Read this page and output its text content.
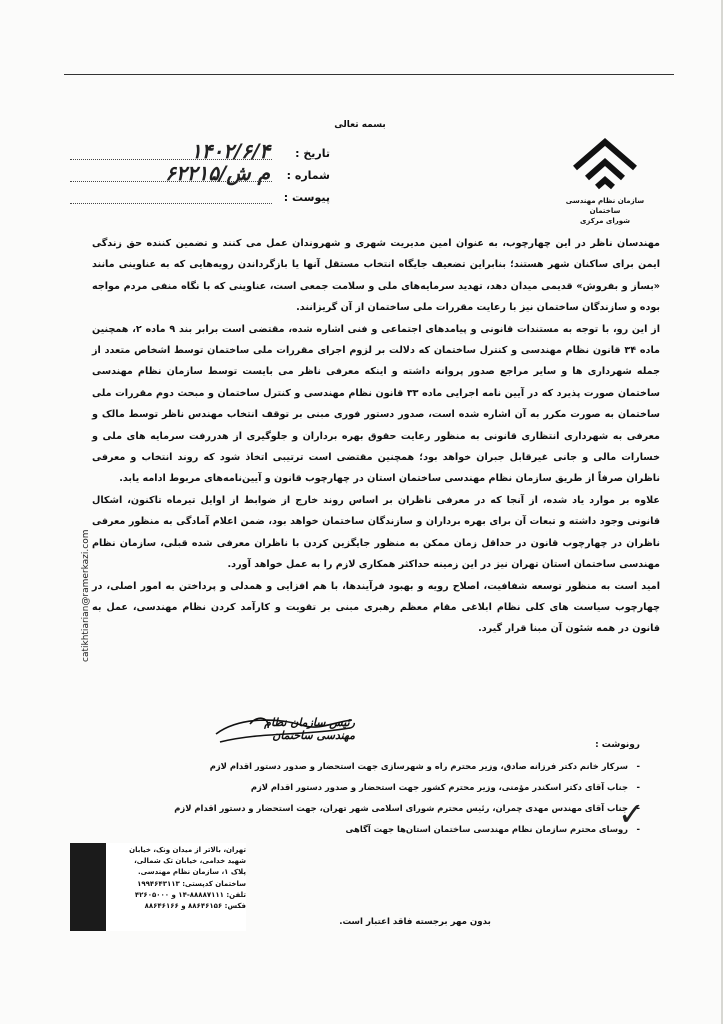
بسمه تعالی
سازمان نظام مهندسی ساختمان
شورای مرکزی
تاریخ :
۱۴۰۲/۶/۴
شماره :
۶۲۲۱۵/ش م
پیوست :

مهندسان ناظر در این چهارچوب، به عنوان امین مدیریت شهری و شهروندان عمل می کنند و تضمین کننده حق زندگی ایمن برای ساکنان شهر هستند؛ بنابراین تضعیف جایگاه انتخاب مستقل آنها یا بازگرداندن رویه‌هایی که به عناوینی مانند «بساز و بفروش» قدیمی میدان دهد، تهدید سرمایه‌های ملی و سلامت جمعی است، عناوینی که با نگاه منفی مردم مواجه بوده و سازندگان ساختمان نیز با رعایت مقررات ملی ساختمان از آن گریزانند.

از این رو، با توجه به مستندات قانونی و پیامدهای اجتماعی و فنی اشاره شده، مقتضی است برابر بند ۹ ماده ۲، همچنین ماده ۳۴ قانون نظام مهندسی و کنترل ساختمان که دلالت بر لزوم اجرای مقررات ملی ساختمان توسط اشخاص متعدد از جمله شهرداری ها و سایر مراجع صدور پروانه داشته و اینکه معرفی ناظر می بایست توسط سازمان نظام مهندسی ساختمان صورت پذیرد که در آیین نامه اجرایی ماده ۳۳ قانون نظام مهندسی و کنترل ساختمان و مبحث دوم مقررات ملی ساختمان به صورت مکرر به آن اشاره شده است، صدور دستور فوری مبنی بر توقف انتخاب مهندس ناظر توسط مالک و معرفی به شهرداری انتظاری قانونی به منظور رعایت حقوق بهره برداران و جلوگیری از هدررفت سرمایه های ملی و خسارات مالی و جانی غیرقابل جبران خواهد بود؛ همچنین مقتضی است ترتیبی اتخاذ شود که روند انتخاب و معرفی ناظران صرفاً از طریق سازمان نظام مهندسی ساختمان استان در چهارچوب قانون و آیین‌نامه‌های مربوط ادامه یابد.

علاوه بر موارد یاد شده، از آنجا که در معرفی ناظران بر اساس روند خارج از ضوابط از اوایل تیرماه تاکنون، اشکال قانونی وجود داشته و تبعات آن برای بهره برداران و سازندگان ساختمان خواهد بود، ضمن اعلام آمادگی به منظور معرفی ناظران در چهارچوب قانون در حداقل زمان ممکن به منظور جایگزین کردن با ناظران معرفی شده قبلی، سازمان نظام مهندسی ساختمان استان تهران نیز در این زمینه حداکثر همکاری لازم را به عمل خواهد آورد.

امید است به منظور توسعه شفافیت، اصلاح رویه و بهبود فرآیندها، با هم افزایی و همدلی و پرداختن به امور اصلی، در چهارچوب سیاست های کلی نظام ابلاغی مقام معظم رهبری مبنی بر تقویت و کارآمد کردن نظام مهندسی، عمل به قانون در همه شئون آن مبنا قرار گیرد.

رئیس سازمان نظام مهندسی ساختمان
رونوشت :
- سرکار خانم دکتر فرزانه صادق، وزیر محترم راه و شهرسازی جهت استحضار و صدور دستور اقدام لازم
- جناب آقای دکتر اسکندر مؤمنی، وزیر محترم کشور جهت استحضار و صدور دستور اقدام لازم
- جناب آقای مهندس مهدی چمران، رئیس محترم شورای اسلامی شهر تهران، جهت استحضار و دستور اقدام لازم
- روسای محترم سازمان نظام مهندسی ساختمان استان‌ها جهت آگاهی
✓
catikhtiarian@ramerkazi.com
تهران، بالاتر از میدان ونک، خیابان
شهید خدامی، خیابان تک شمالی،
پلاک ۱، سازمان نظام مهندسی.
ساختمان کدپستی: ۱۹۹۴۶۴۳۱۱۳
تلفن: ۸۸۸۸۷۱۱۱-۱۴ و ۴۲۶۰۵۰۰۰
فکس: ۸۸۶۴۶۱۵۶ و ۸۸۶۴۶۱۶۶
بدون مهر برجسته فاقد اعتبار است.
